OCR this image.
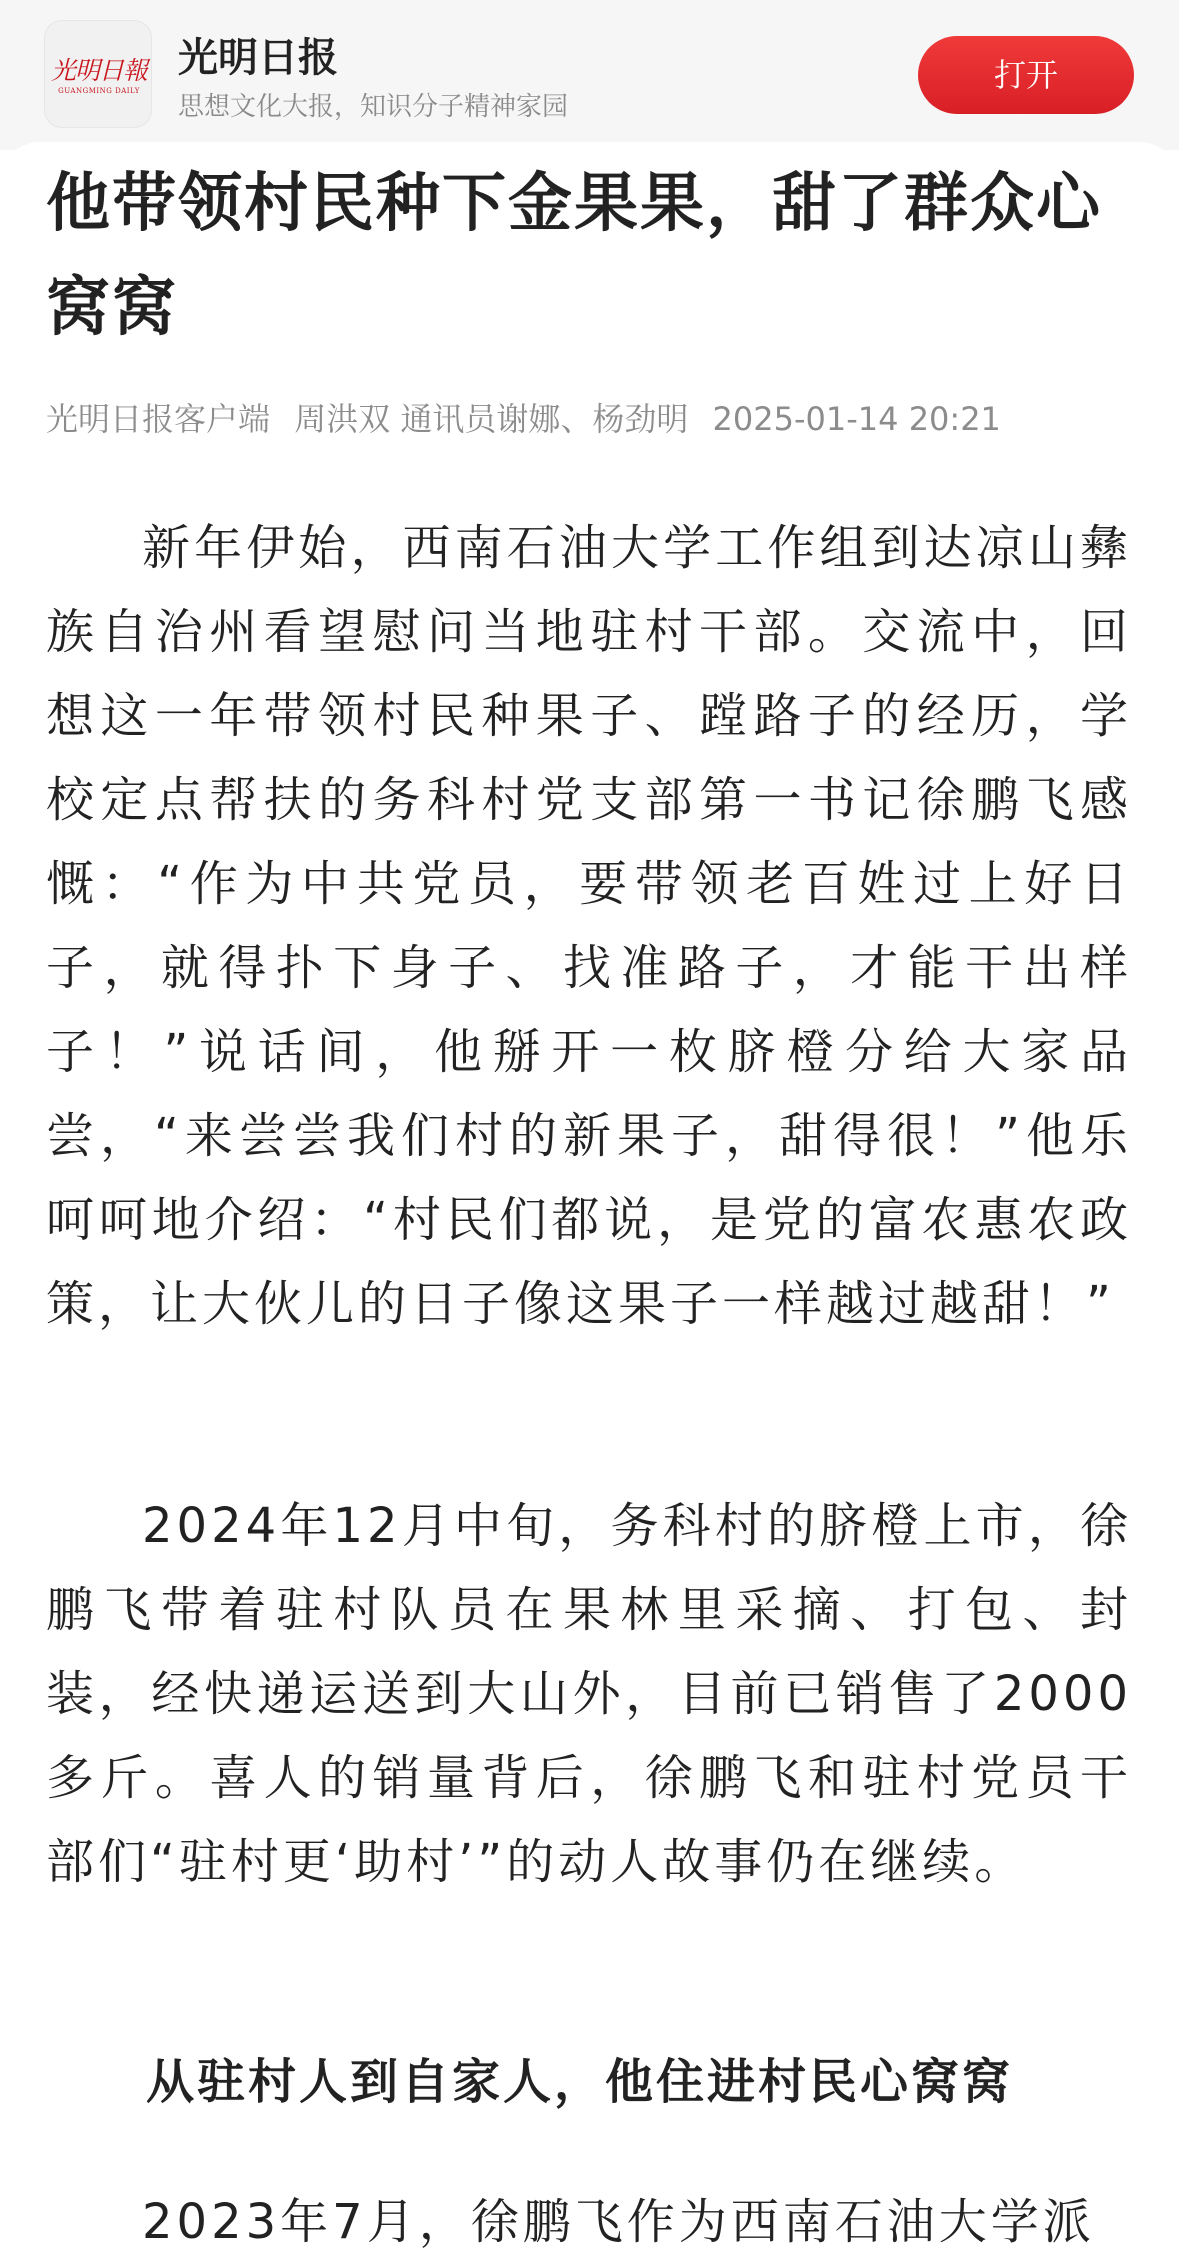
光明日報
GUANGMING DAILY
光明日报
思想文化大报，知识分子精神家园
打开
他带领村民种下金果果，甜了群众心窝窝
光明日报客户端 周洪双 通讯员谢娜、杨劲明 2025-01-14 20:21

新年伊始，西南石油大学工作组到达凉山彝族自治州看望慰问当地驻村干部。交流中，回想这一年带领村民种果子、蹚路子的经历，学校定点帮扶的务科村党支部第一书记徐鹏飞感慨：“作为中共党员，要带领老百姓过上好日子，就得扑下身子、找准路子，才能干出样子！”说话间，他掰开一枚脐橙分给大家品尝，“来尝尝我们村的新果子，甜得很！”他乐呵呵地介绍：“村民们都说，是党的富农惠农政策，让大伙儿的日子像这果子一样越过越甜！”

2024年12月中旬，务科村的脐橙上市，徐鹏飞带着驻村队员在果林里采摘、打包、封装，经快递运送到大山外，目前已销售了2000多斤。喜人的销量背后，徐鹏飞和驻村党员干部们“驻村更‘助村’”的动人故事仍在继续。

从驻村人到自家人，他住进村民心窝窝

2023年7月，徐鹏飞作为西南石油大学派
